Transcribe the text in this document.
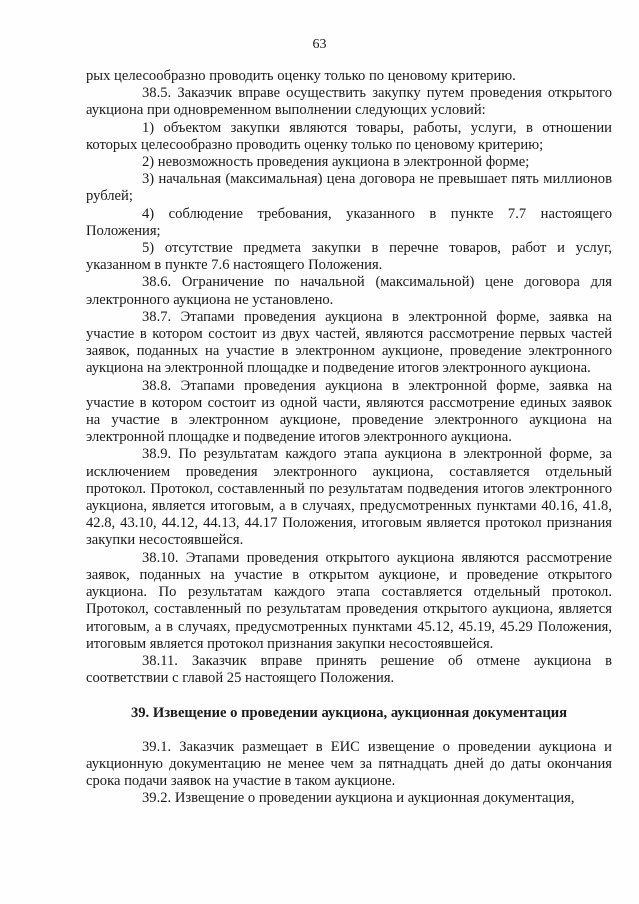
63

рых целесообразно проводить оценку только по ценовому критерию.

38.5. Заказчик вправе осуществить закупку путем проведения открытого аукциона при одновременном выполнении следующих условий:

1) объектом закупки являются товары, работы, услуги, в отношении которых целесообразно проводить оценку только по ценовому критерию;

2) невозможность проведения аукциона в электронной форме;

3) начальная (максимальная) цена договора не превышает пять миллионов рублей;

4) соблюдение требования, указанного в пункте 7.7 настоящего Положения;

5) отсутствие предмета закупки в перечне товаров, работ и услуг, указанном в пункте 7.6 настоящего Положения.

38.6. Ограничение по начальной (максимальной) цене договора для электронного аукциона не установлено.

38.7. Этапами проведения аукциона в электронной форме, заявка на участие в котором состоит из двух частей, являются рассмотрение первых частей заявок, поданных на участие в электронном аукционе, проведение электронного аукциона на электронной площадке и подведение итогов электронного аукциона.

38.8. Этапами проведения аукциона в электронной форме, заявка на участие в котором состоит из одной части, являются рассмотрение единых заявок на участие в электронном аукционе, проведение электронного аукциона на электронной площадке и подведение итогов электронного аукциона.

38.9. По результатам каждого этапа аукциона в электронной форме, за исключением проведения электронного аукциона, составляется отдельный протокол. Протокол, составленный по результатам подведения итогов электронного аукциона, является итоговым, а в случаях, предусмотренных пунктами 40.16, 41.8, 42.8, 43.10, 44.12, 44.13, 44.17 Положения, итоговым является протокол признания закупки несостоявшейся.

38.10. Этапами проведения открытого аукциона являются рассмотрение заявок, поданных на участие в открытом аукционе, и проведение открытого аукциона. По результатам каждого этапа составляется отдельный протокол. Протокол, составленный по результатам проведения открытого аукциона, является итоговым, а в случаях, предусмотренных пунктами 45.12, 45.19, 45.29 Положения, итоговым является протокол признания закупки несостоявшейся.

38.11. Заказчик вправе принять решение об отмене аукциона в соответствии с главой 25 настоящего Положения.

39. Извещение о проведении аукциона, аукционная документация

39.1. Заказчик размещает в ЕИС извещение о проведении аукциона и аукционную документацию не менее чем за пятнадцать дней до даты окончания срока подачи заявок на участие в таком аукционе.

39.2. Извещение о проведении аукциона и аукционная документация,
